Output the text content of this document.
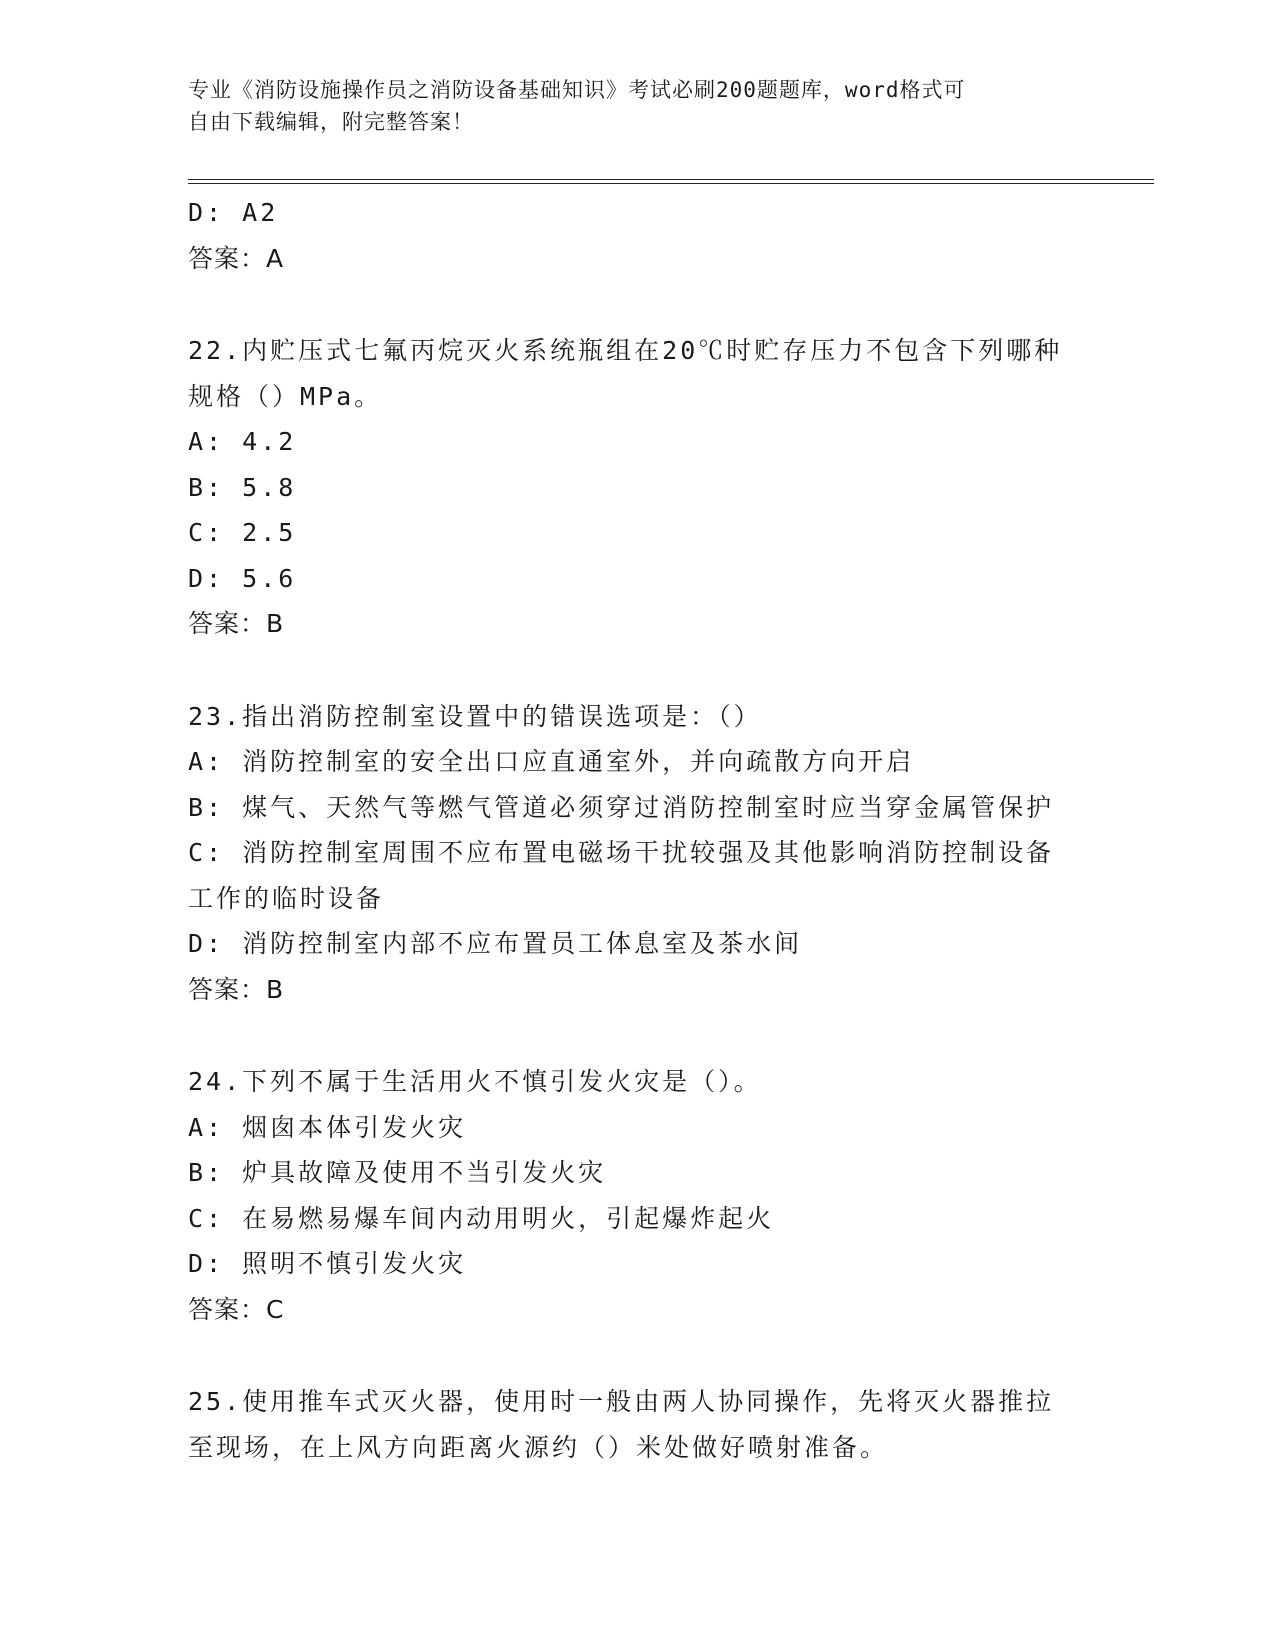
专业《消防设施操作员之消防设备基础知识》考试必刷200题题库，word格式可
自由下载编辑，附完整答案！
D: A2
答案：A
22.内贮压式七氟丙烷灭火系统瓶组在20℃时贮存压力不包含下列哪种
规格（）MPa。
A: 4.2
B: 5.8
C: 2.5
D: 5.6
答案：B
23.指出消防控制室设置中的错误选项是：（）
A: 消防控制室的安全出口应直通室外，并向疏散方向开启
B: 煤气、天然气等燃气管道必须穿过消防控制室时应当穿金属管保护
C: 消防控制室周围不应布置电磁场干扰较强及其他影响消防控制设备
工作的临时设备
D: 消防控制室内部不应布置员工体息室及茶水间
答案：B
24.下列不属于生活用火不慎引发火灾是（）。
A: 烟囱本体引发火灾
B: 炉具故障及使用不当引发火灾
C: 在易燃易爆车间内动用明火，引起爆炸起火
D: 照明不慎引发火灾
答案：C
25.使用推车式灭火器，使用时一般由两人协同操作，先将灭火器推拉
至现场，在上风方向距离火源约（）米处做好喷射准备。
